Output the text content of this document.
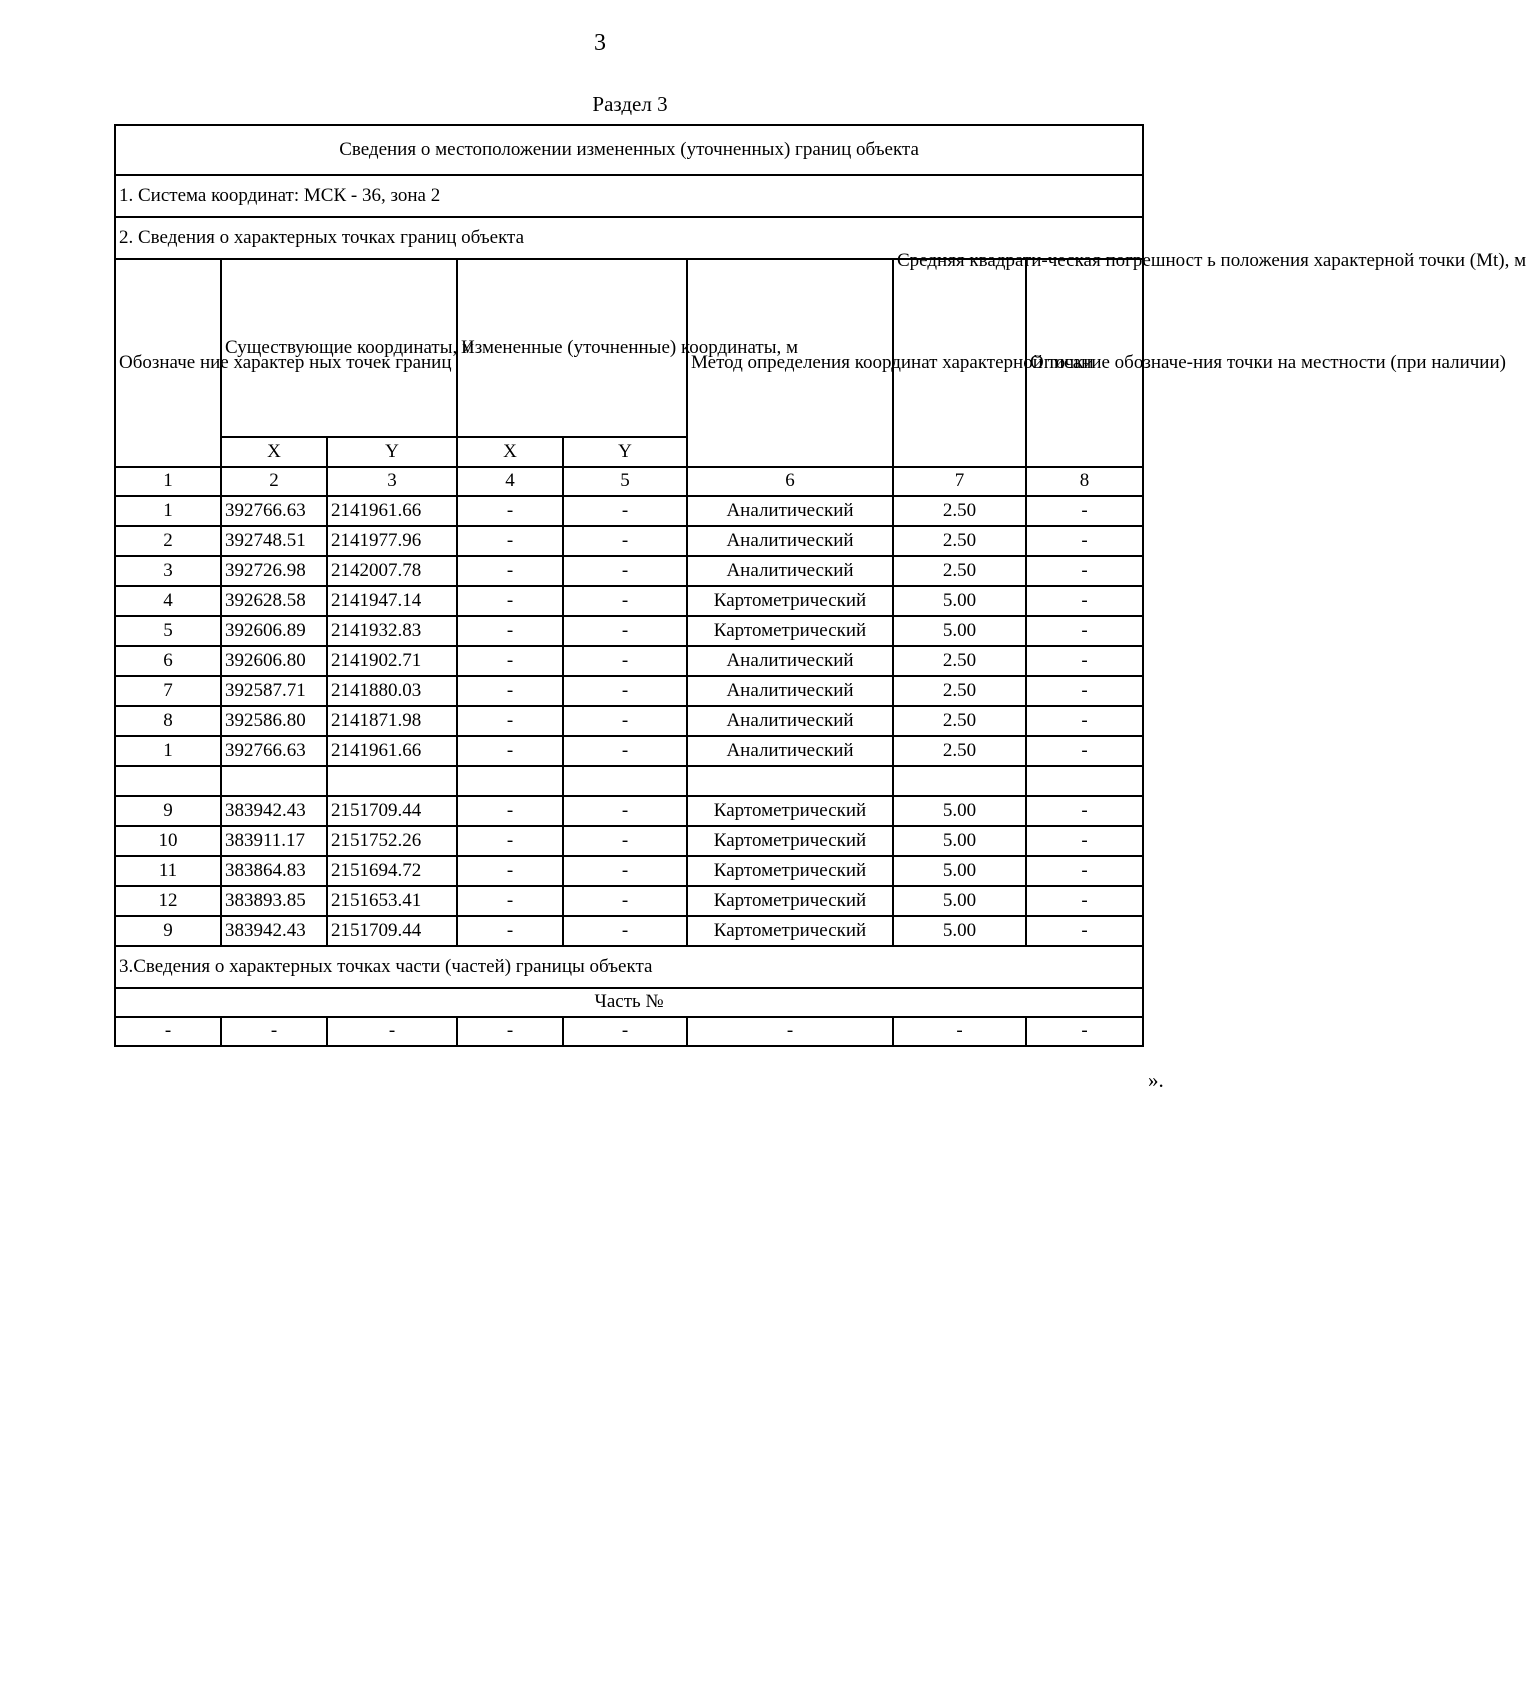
3
Раздел 3
Сведения о местоположении измененных (уточненных) границ объекта							
1. Система координат: МСК - 36, зона 2							
2. Сведения о характерных точках границ объекта							
Обозначе ние характер ных точек границ	Существующие координаты, м		Измененные (уточненные) координаты, м		Метод определения координат характерной точки	Средняя квадрати-ческая погрешност ь положения характерной точки (Mt), м	Описание обозначе-ния точки на местности (при наличии)
	X	Y	X	Y			
1	2	3	4	5	6	7	8
1	392766.63	2141961.66	-	-	Аналитический	2.50	-
2	392748.51	2141977.96	-	-	Аналитический	2.50	-
3	392726.98	2142007.78	-	-	Аналитический	2.50	-
4	392628.58	2141947.14	-	-	Картометрический	5.00	-
5	392606.89	2141932.83	-	-	Картометрический	5.00	-
6	392606.80	2141902.71	-	-	Аналитический	2.50	-
7	392587.71	2141880.03	-	-	Аналитический	2.50	-
8	392586.80	2141871.98	-	-	Аналитический	2.50	-
1	392766.63	2141961.66	-	-	Аналитический	2.50	-

9	383942.43	2151709.44	-	-	Картометрический	5.00	-
10	383911.17	2151752.26	-	-	Картометрический	5.00	-
11	383864.83	2151694.72	-	-	Картометрический	5.00	-
12	383893.85	2151653.41	-	-	Картометрический	5.00	-
9	383942.43	2151709.44	-	-	Картометрический	5.00	-
3.Сведения о характерных точках части (частей) границы объекта							
Часть №							
-	-	-	-	-	-	-	-
».
